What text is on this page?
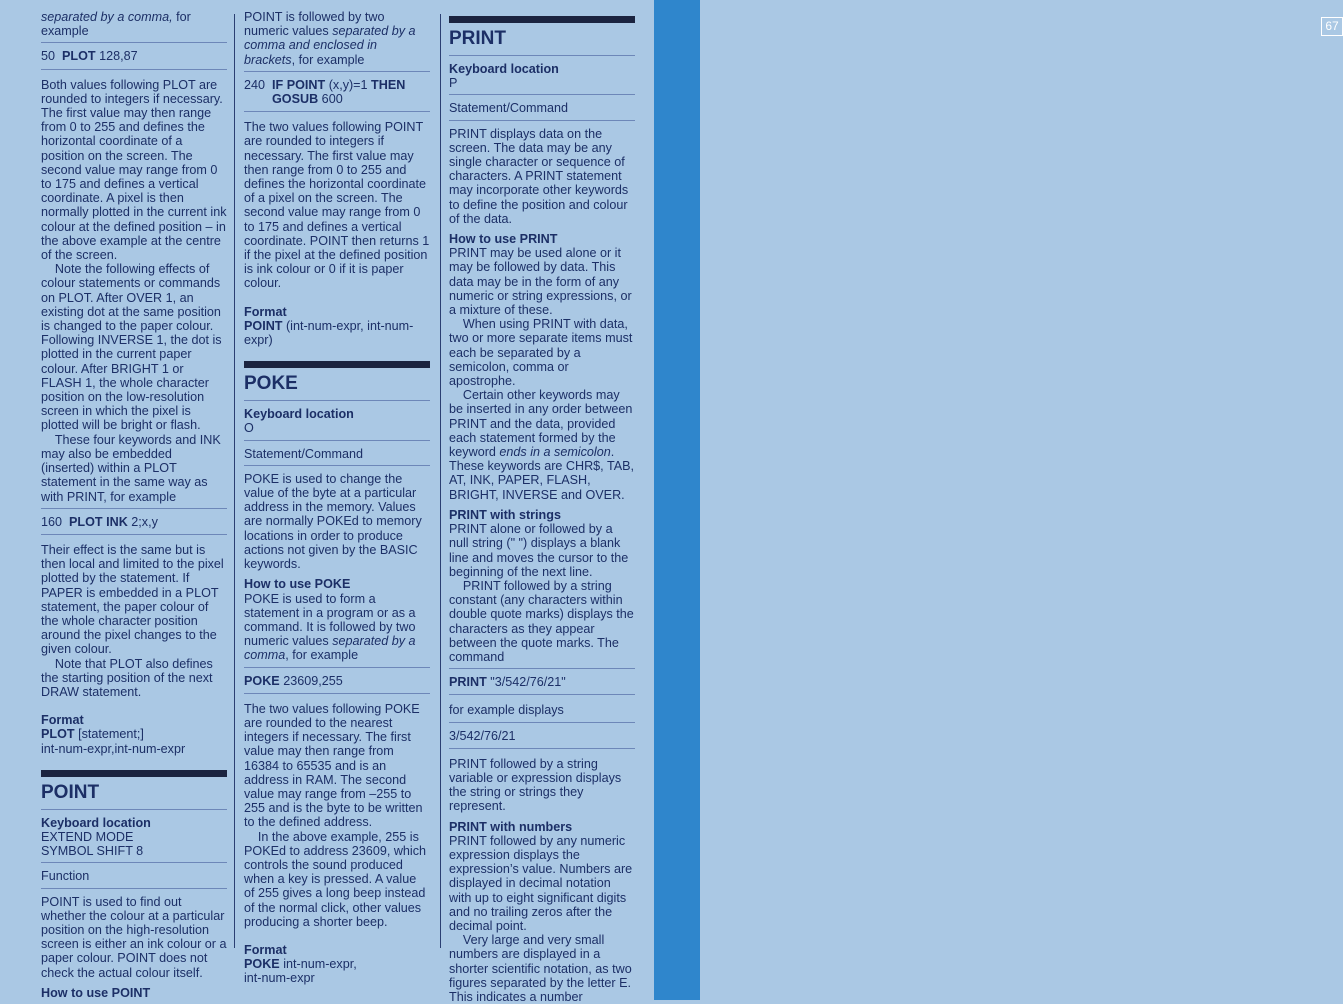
67

separated by a comma, for example

50 PLOT 128,87

Both values following PLOT are rounded to integers if necessary. The first value may then range from 0 to 255 and defines the horizontal coordinate of a position on the screen. The second value may range from 0 to 175 and defines a vertical coordinate. A pixel is then normally plotted in the current ink colour at the defined position – in the above example at the centre of the screen.

Note the following effects of colour statements or commands on PLOT. After OVER 1, an existing dot at the same position is changed to the paper colour. Following INVERSE 1, the dot is plotted in the current paper colour. After BRIGHT 1 or FLASH 1, the whole character position on the low-resolution screen in which the pixel is plotted will be bright or flash.

These four keywords and INK may also be embedded (inserted) within a PLOT statement in the same way as with PRINT, for example

160 PLOT INK 2;x,y

Their effect is the same but is then local and limited to the pixel plotted by the statement. If PAPER is embedded in a PLOT statement, the paper colour of the whole character position around the pixel changes to the given colour.

Note that PLOT also defines the starting position of the next DRAW statement.

Format
PLOT [statement;]
int-num-expr,int-num-expr
POINT
Keyboard location
EXTEND MODE
SYMBOL SHIFT 8
Function

POINT is used to find out whether the colour at a particular position on the high-resolution screen is either an ink colour or a paper colour. POINT does not check the actual colour itself.

How to use POINT

POINT is followed by two numeric values separated by a comma and enclosed in brackets, for example

240 IF POINT (x,y)=1 THEN
GOSUB 600

The two values following POINT are rounded to integers if necessary. The first value may then range from 0 to 255 and defines the horizontal coordinate of a pixel on the screen. The second value may range from 0 to 175 and defines a vertical coordinate. POINT then returns 1 if the pixel at the defined position is ink colour or 0 if it is paper colour.

Format
POINT (int-num-expr, int-num-expr)
POKE
Keyboard location
O
Statement/Command

POKE is used to change the value of the byte at a particular address in the memory. Values are normally POKEd to memory locations in order to produce actions not given by the BASIC keywords.

How to use POKE

POKE is used to form a statement in a program or as a command. It is followed by two numeric values separated by a comma, for example

POKE 23609,255

The two values following POKE are rounded to the nearest integers if necessary. The first value may then range from 16384 to 65535 and is an address in RAM. The second value may range from –255 to 255 and is the byte to be written to the defined address.

In the above example, 255 is POKEd to address 23609, which controls the sound produced when a key is pressed. A value of 255 gives a long beep instead of the normal click, other values producing a shorter beep.

Format
POKE int-num-expr,
int-num-expr
PRINT
Keyboard location
P
Statement/Command

PRINT displays data on the screen. The data may be any single character or sequence of characters. A PRINT statement may incorporate other keywords to define the position and colour of the data.

How to use PRINT

PRINT may be used alone or it may be followed by data. This data may be in the form of any numeric or string expressions, or a mixture of these.

When using PRINT with data, two or more separate items must each be separated by a semicolon, comma or apostrophe.

Certain other keywords may be inserted in any order between PRINT and the data, provided each statement formed by the keyword ends in a semicolon. These keywords are CHR$, TAB, AT, INK, PAPER, FLASH, BRIGHT, INVERSE and OVER.

PRINT with strings

PRINT alone or followed by a null string (" ") displays a blank line and moves the cursor to the beginning of the next line.

PRINT followed by a string constant (any characters within double quote marks) displays the characters as they appear between the quote marks. The command

PRINT "3/542/76/21"
for example displays
3/542/76/21

PRINT followed by a string variable or expression displays the string or strings they represent.

PRINT with numbers

PRINT followed by any numeric expression displays the expression’s value. Numbers are displayed in decimal notation with up to eight significant digits and no trailing zeros after the decimal point.

Very large and very small numbers are displayed in a shorter scientific notation, as two figures separated by the letter E. This indicates a number
